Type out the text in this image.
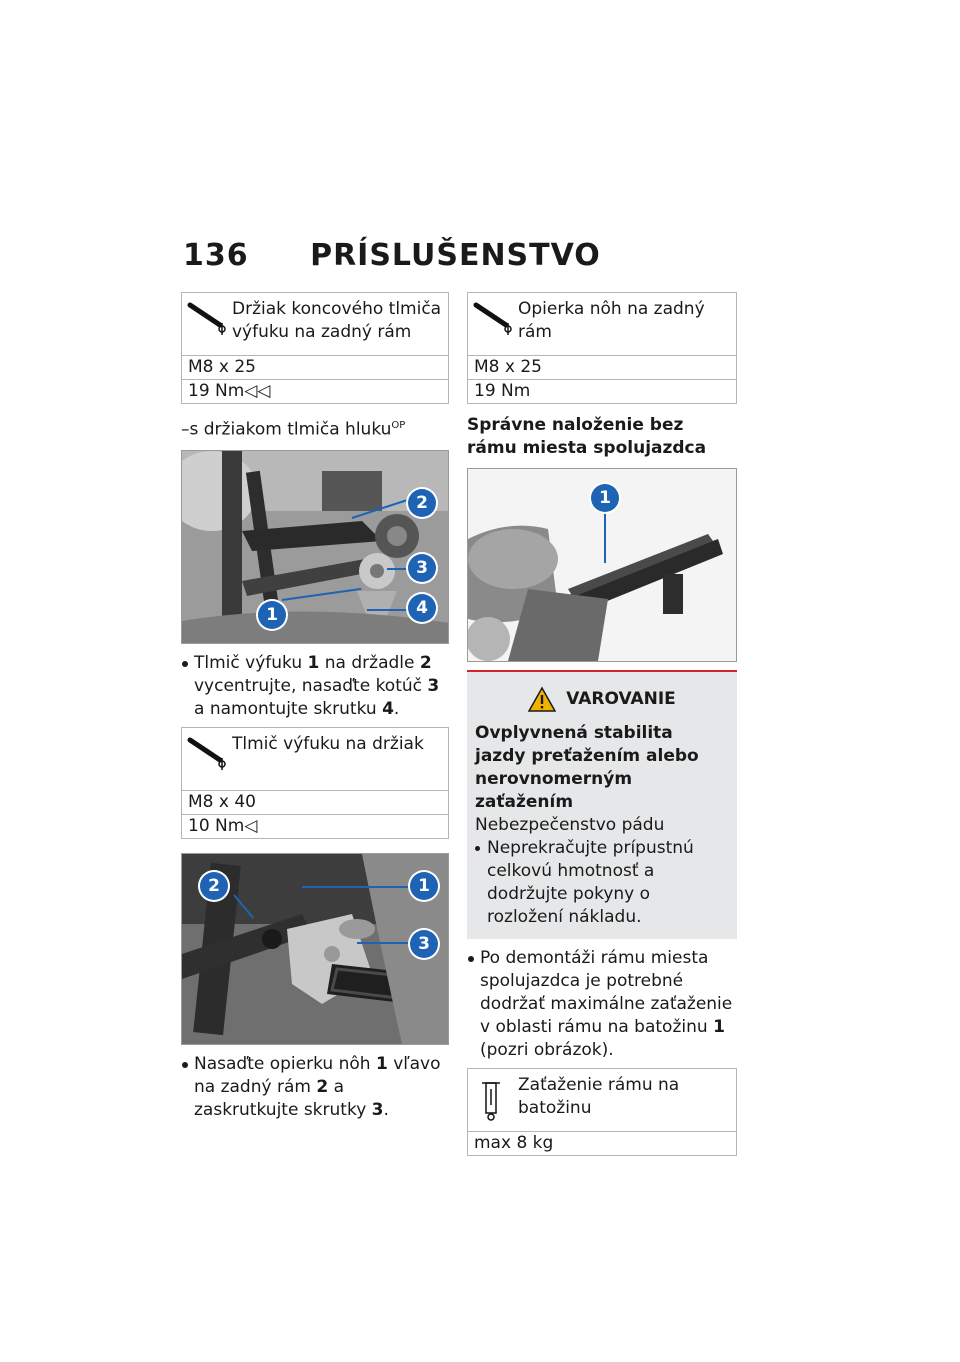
136 PRÍSLUŠENSTVO
Držiak koncového tlmiča výfuku na zadný rám
M8 x 25
19 Nm◁◁
–s držiakom tlmiča hluku$^{OP}$
2
3
4
1
Tlmič výfuku 1 na držadle 2 vycentrujte, nasaďte kotúč 3 a namontujte skrutku 4.
Tlmič výfuku na držiak
M8 x 40
10 Nm◁
2	1
3
Nasaďte opierku nôh 1 vľavo na zadný rám 2 a zaskrutkujte skrutky 3.
Opierka nôh na zadný rám
M8 x 25
19 Nm
Správne naloženie bez rámu miesta spolujazdca
1
VAROVANIE
Ovplyvnená stabilita jazdy preťažením alebo nerovnomerným zaťažením
Nebezpečenstvo pádu
Neprekračujte prípustnú celkovú hmotnosť a dodržujte pokyny o rozložení nákladu.
Po demontáži rámu miesta spolujazdca je potrebné dodržať maximálne zaťaženie v oblasti rámu na batožinu 1 (pozri obrázok).
Zaťaženie rámu na batožinu
max 8 kg
